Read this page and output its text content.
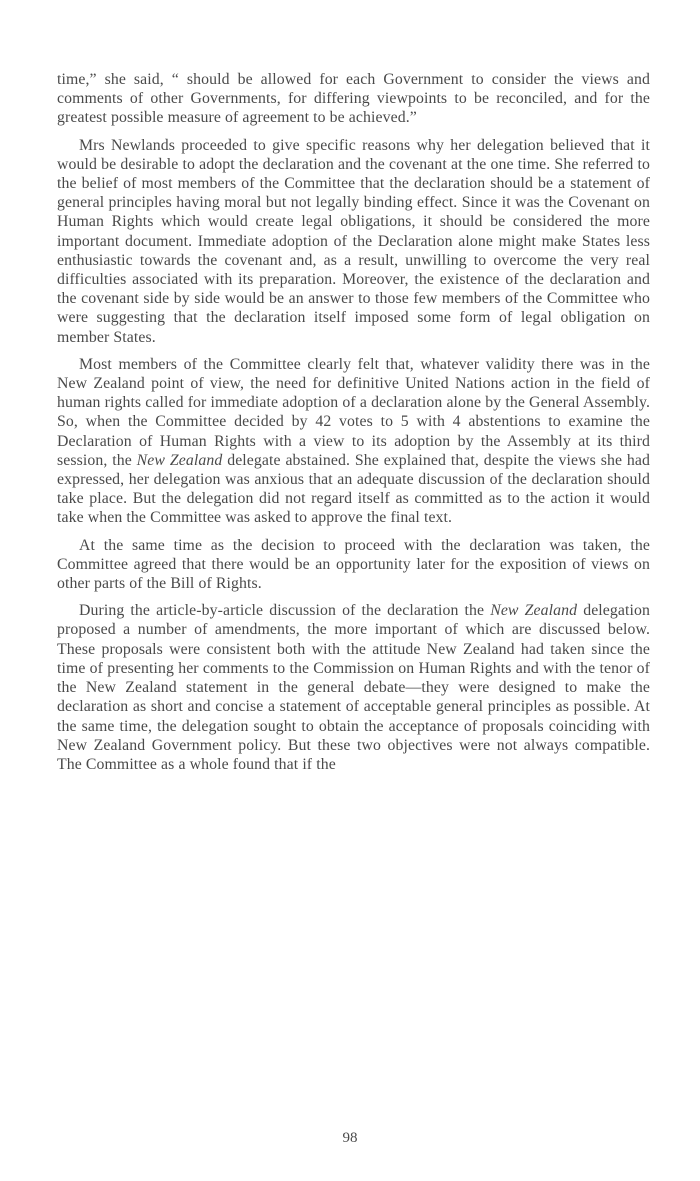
time,” she said, “ should be allowed for each Government to consider the views and comments of other Governments, for differing viewpoints to be reconciled, and for the greatest possible measure of agreement to be achieved.”

Mrs Newlands proceeded to give specific reasons why her delegation believed that it would be desirable to adopt the declaration and the covenant at the one time. She referred to the belief of most members of the Committee that the declaration should be a statement of general principles having moral but not legally binding effect. Since it was the Covenant on Human Rights which would create legal obligations, it should be considered the more important document. Immediate adoption of the Declaration alone might make States less enthusiastic towards the covenant and, as a result, unwilling to overcome the very real difficulties associated with its preparation. Moreover, the existence of the declaration and the covenant side by side would be an answer to those few members of the Committee who were suggesting that the declaration itself imposed some form of legal obligation on member States.

Most members of the Committee clearly felt that, whatever validity there was in the New Zealand point of view, the need for definitive United Nations action in the field of human rights called for immediate adoption of a declaration alone by the General Assembly. So, when the Committee decided by 42 votes to 5 with 4 abstentions to examine the Declaration of Human Rights with a view to its adoption by the Assembly at its third session, the New Zealand delegate abstained. She explained that, despite the views she had expressed, her delegation was anxious that an adequate discussion of the declaration should take place. But the delegation did not regard itself as committed as to the action it would take when the Committee was asked to approve the final text.

At the same time as the decision to proceed with the declaration was taken, the Committee agreed that there would be an opportunity later for the exposition of views on other parts of the Bill of Rights.

During the article-by-article discussion of the declaration the New Zealand delegation proposed a number of amendments, the more important of which are discussed below. These proposals were consistent both with the attitude New Zealand had taken since the time of presenting her comments to the Commission on Human Rights and with the tenor of the New Zealand statement in the general debate—they were designed to make the declaration as short and concise a statement of acceptable general principles as possible. At the same time, the delegation sought to obtain the acceptance of proposals coinciding with New Zealand Government policy. But these two objectives were not always compatible. The Committee as a whole found that if the

98
